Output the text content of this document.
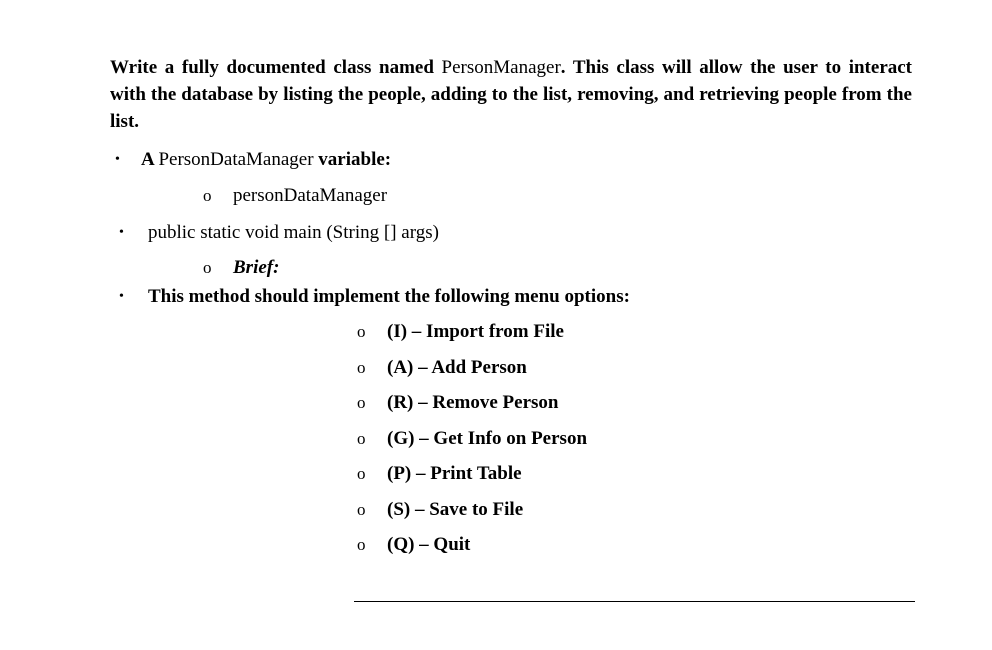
Write a fully documented class named PersonManager. This class will allow the user to interact with the database by listing the people, adding to the list, removing, and retrieving people from the list.
• A PersonDataManager variable:
o personDataManager
• public static void main (String [] args)
o Brief:
• This method should implement the following menu options:
o (I) – Import from File
o (A) – Add Person
o (R) – Remove Person
o (G) – Get Info on Person
o (P) – Print Table
o (S) – Save to File
o (Q) – Quit
